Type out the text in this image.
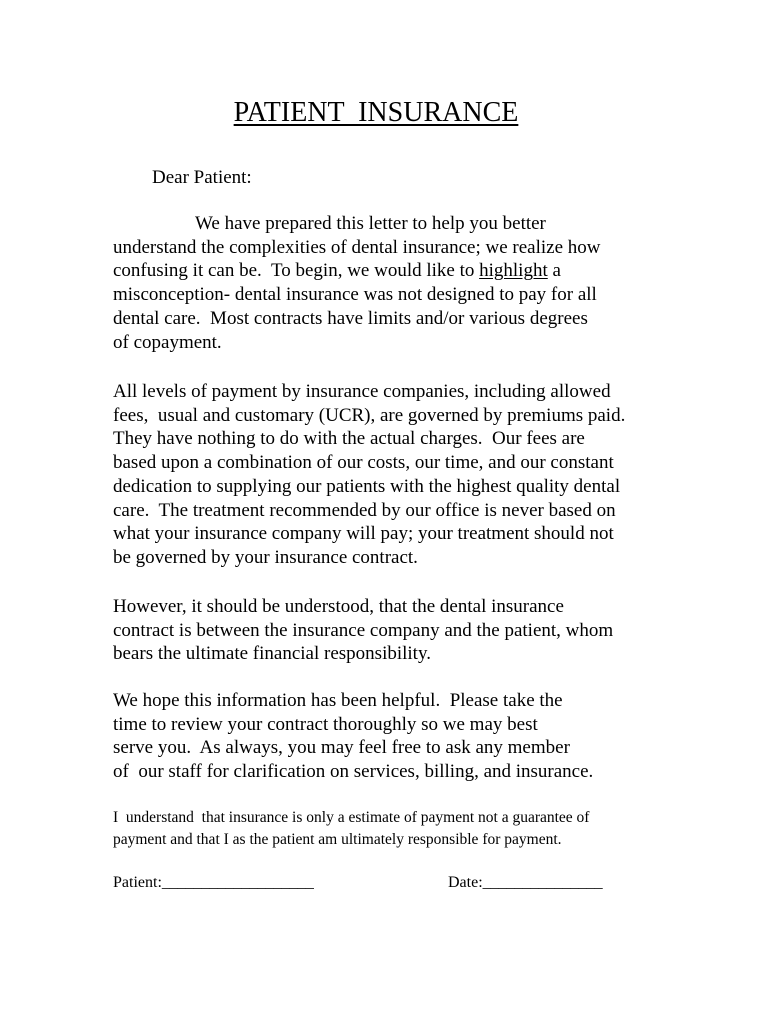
PATIENT  INSURANCE

Dear Patient:

We have prepared this letter to help you better
understand the complexities of dental insurance; we realize how
confusing it can be.  To begin, we would like to highlight a
misconception- dental insurance was not designed to pay for all
dental care.  Most contracts have limits and/or various degrees
of copayment.
All levels of payment by insurance companies, including allowed
fees,  usual and customary (UCR), are governed by premiums paid.
They have nothing to do with the actual charges.  Our fees are
based upon a combination of our costs, our time, and our constant
dedication to supplying our patients with the highest quality dental
care.  The treatment recommended by our office is never based on
what your insurance company will pay; your treatment should not
be governed by your insurance contract.
However, it should be understood, that the dental insurance
contract is between the insurance company and the patient, whom
bears the ultimate financial responsibility.
We hope this information has been helpful.  Please take the
time to review your contract thoroughly so we may best
serve you.  As always, you may feel free to ask any member
of  our staff for clarification on services, billing, and insurance.
I  understand  that insurance is only a estimate of payment not a guarantee of
payment and that I as the patient am ultimately responsible for payment.

Patient:___________________	Date:_______________
